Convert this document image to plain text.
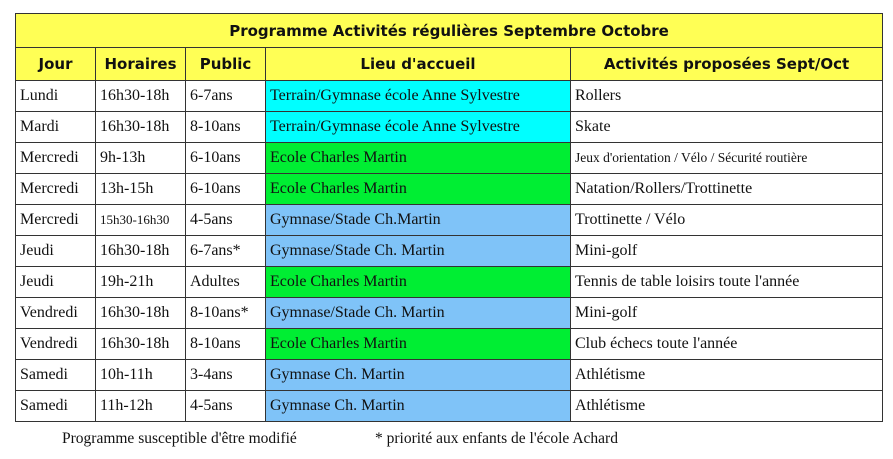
Programme Activités régulières Septembre Octobre				
Jour	Horaires	Public	Lieu d'accueil	Activités proposées Sept/Oct
Lundi	16h30-18h	6-7ans	Terrain/Gymnase école Anne Sylvestre	Rollers
Mardi	16h30-18h	8-10ans	Terrain/Gymnase école Anne Sylvestre	Skate
Mercredi	9h-13h	6-10ans	Ecole Charles Martin	Jeux d'orientation / Vélo / Sécurité routière
Mercredi	13h-15h	6-10ans	Ecole Charles Martin	Natation/Rollers/Trottinette
Mercredi	15h30-16h30	4-5ans	Gymnase/Stade Ch.Martin	Trottinette / Vélo
Jeudi	16h30-18h	6-7ans*	Gymnase/Stade Ch. Martin	Mini-golf
Jeudi	19h-21h	Adultes	Ecole Charles Martin	Tennis de table loisirs toute l'année
Vendredi	16h30-18h	8-10ans*	Gymnase/Stade Ch. Martin	Mini-golf
Vendredi	16h30-18h	8-10ans	Ecole Charles Martin	Club échecs toute l'année
Samedi	10h-11h	3-4ans	Gymnase Ch. Martin	Athlétisme
Samedi	11h-12h	4-5ans	Gymnase Ch. Martin	Athlétisme
Programme susceptible d'être modifié	* priorité aux enfants de l'école Achard
